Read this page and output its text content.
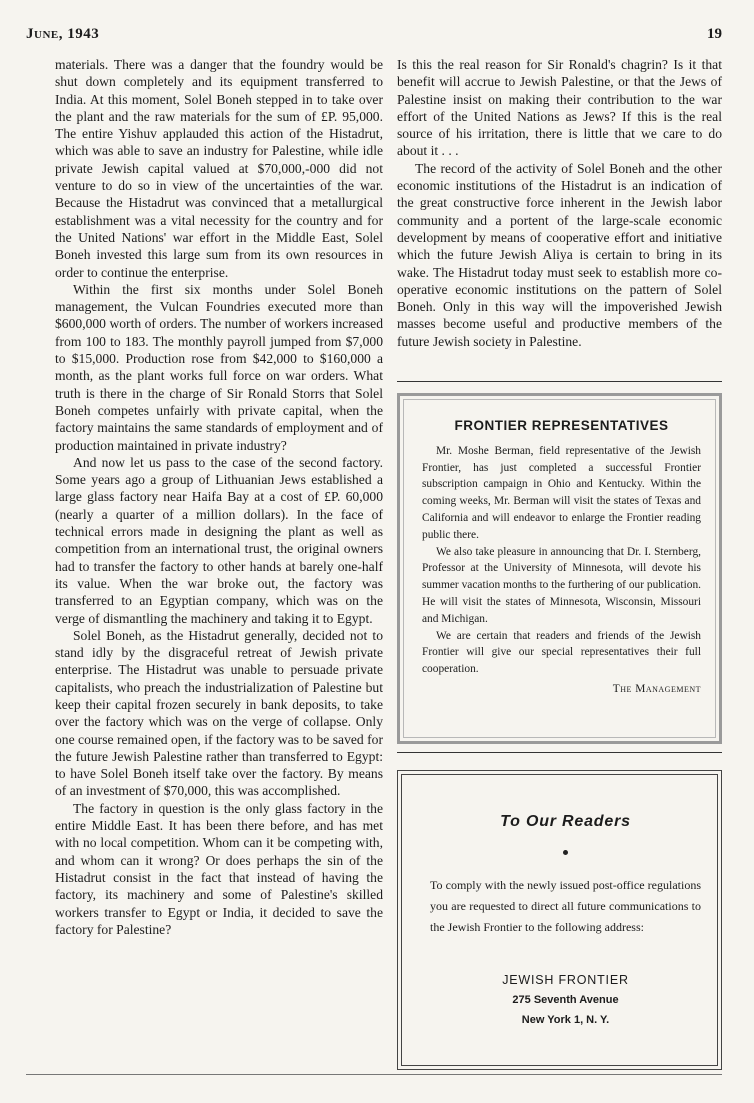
June, 1943	19

materials. There was a danger that the foundry would be shut down completely and its equipment transferred to India. At this moment, Solel Boneh stepped in to take over the plant and the raw materials for the sum of £P. 95,000. The entire Yishuv applauded this action of the Histadrut, which was able to save an industry for Palestine, while idle private Jewish capital valued at $70,000,-000 did not venture to do so in view of the uncertainties of the war. Because the Histadrut was convinced that a metallurgical establishment was a vital necessity for the country and for the United Nations' war effort in the Middle East, Solel Boneh invested this large sum from its own resources in order to continue the enterprise.

Within the first six months under Solel Boneh management, the Vulcan Foundries executed more than $600,000 worth of orders. The number of workers increased from 100 to 183. The monthly payroll jumped from $7,000 to $15,000. Production rose from $42,000 to $160,000 a month, as the plant works full force on war orders. What truth is there in the charge of Sir Ronald Storrs that Solel Boneh competes unfairly with private capital, when the factory maintains the same standards of employment and of production maintained in private industry?

And now let us pass to the case of the second factory. Some years ago a group of Lithuanian Jews established a large glass factory near Haifa Bay at a cost of £P. 60,000 (nearly a quarter of a million dollars). In the face of technical errors made in designing the plant as well as competition from an international trust, the original owners had to transfer the factory to other hands at barely one-half its value. When the war broke out, the factory was transferred to an Egyptian company, which was on the verge of dismantling the machinery and taking it to Egypt.

Solel Boneh, as the Histadrut generally, decided not to stand idly by the disgraceful retreat of Jewish private enterprise. The Histadrut was unable to persuade private capitalists, who preach the industrialization of Palestine but keep their capital frozen securely in bank deposits, to take over the factory which was on the verge of collapse. Only one course remained open, if the factory was to be saved for the future Jewish Palestine rather than transferred to Egypt: to have Solel Boneh itself take over the factory. By means of an investment of $70,000, this was accomplished.

The factory in question is the only glass factory in the entire Middle East. It has been there before, and has met with no local competition. Whom can it be competing with, and whom can it wrong? Or does perhaps the sin of the Histadrut consist in the fact that instead of having the factory, its machinery and some of Palestine's skilled workers transfer to Egypt or India, it decided to save the factory for Palestine?

Is this the real reason for Sir Ronald's chagrin? Is it that benefit will accrue to Jewish Palestine, or that the Jews of Palestine insist on making their contribution to the war effort of the United Nations as Jews? If this is the real source of his irritation, there is little that we care to do about it . . .

The record of the activity of Solel Boneh and the other economic institutions of the Histadrut is an indication of the great constructive force inherent in the Jewish labor community and a portent of the large-scale economic development by means of cooperative effort and initiative which the future Jewish Aliya is certain to bring in its wake. The Histadrut today must seek to establish more co-operative economic institutions on the pattern of Solel Boneh. Only in this way will the impoverished Jewish masses become useful and productive members of the future Jewish society in Palestine.

FRONTIER REPRESENTATIVES

Mr. Moshe Berman, field representative of the Jewish Frontier, has just completed a successful Frontier subscription campaign in Ohio and Kentucky. Within the coming weeks, Mr. Berman will visit the states of Texas and California and will endeavor to enlarge the Frontier reading public there.

We also take pleasure in announcing that Dr. I. Sternberg, Professor at the University of Minnesota, will devote his summer vacation months to the furthering of our publication. He will visit the states of Minnesota, Wisconsin, Missouri and Michigan.

We are certain that readers and friends of the Jewish Frontier will give our special representatives their full cooperation.

The Management

To Our Readers

To comply with the newly issued post-office regulations you are requested to direct all future communications to the Jewish Frontier to the following address:

JEWISH FRONTIER
275 Seventh Avenue
New York 1, N. Y.
